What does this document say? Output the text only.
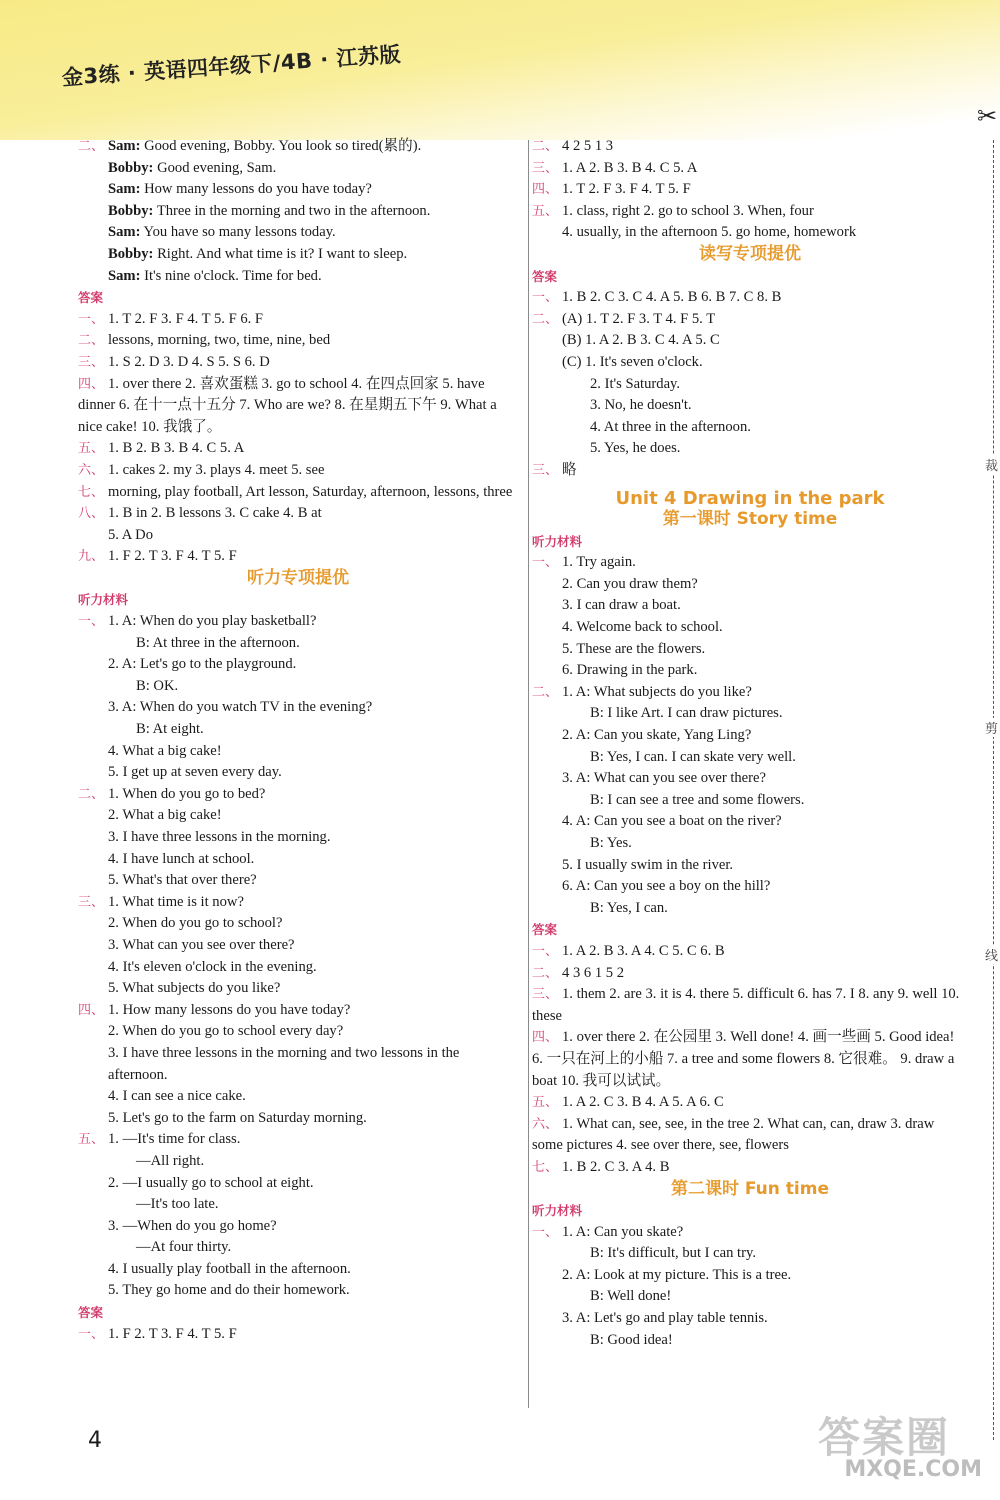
金3练 · 英语四年级下/4B · 江苏版
二、 Sam: Good evening, Bobby. You look so tired(累的).
Bobby: Good evening, Sam.
Sam: How many lessons do you have today?
Bobby: Three in the morning and two in the afternoon.
Sam: You have so many lessons today.
Bobby: Right. And what time is it? I want to sleep.
Sam: It's nine o'clock. Time for bed.
答案
一、 1. T 2. F 3. F 4. T 5. F 6. F
二、 lessons, morning, two, time, nine, bed
三、 1. S 2. D 3. D 4. S 5. S 6. D
四、 1. over there 2. 喜欢蛋糕 3. go to school 4. 在四点回家 5. have dinner 6. 在十一点十五分 7. Who are we? 8. 在星期五下午 9. What a nice cake! 10. 我饿了。
五、 1. B 2. B 3. B 4. C 5. A
六、 1. cakes 2. my 3. plays 4. meet 5. see
七、 morning, play football, Art lesson, Saturday, afternoon, lessons, three
八、 1. B in 2. B lessons 3. C cake 4. B at
5. A Do
九、 1. F 2. T 3. F 4. T 5. F
听力专项提优
听力材料
一、 1. A: When do you play basketball?
B: At three in the afternoon.
2. A: Let's go to the playground.
B: OK.
3. A: When do you watch TV in the evening?
B: At eight.
4. What a big cake!
5. I get up at seven every day.
二、 1. When do you go to bed?
2. What a big cake!
3. I have three lessons in the morning.
4. I have lunch at school.
5. What's that over there?
三、 1. What time is it now?
2. When do you go to school?
3. What can you see over there?
4. It's eleven o'clock in the evening.
5. What subjects do you like?
四、 1. How many lessons do you have today?
2. When do you go to school every day?
3. I have three lessons in the morning and two lessons in the afternoon.
4. I can see a nice cake.
5. Let's go to the farm on Saturday morning.
五、 1. —It's time for class.
—All right.
2. —I usually go to school at eight.
—It's too late.
3. —When do you go home?
—At four thirty.
4. I usually play football in the afternoon.
5. They go home and do their homework.
答案
一、 1. F 2. T 3. F 4. T 5. F
二、 4 2 5 1 3
三、 1. A 2. B 3. B 4. C 5. A
四、 1. T 2. F 3. F 4. T 5. F
五、 1. class, right 2. go to school 3. When, four
4. usually, in the afternoon 5. go home, homework
读写专项提优
答案
一、 1. B 2. C 3. C 4. A 5. B 6. B 7. C 8. B
二、 (A) 1. T 2. F 3. T 4. F 5. T
(B) 1. A 2. B 3. C 4. A 5. C
(C) 1. It's seven o'clock.
2. It's Saturday.
3. No, he doesn't.
4. At three in the afternoon.
5. Yes, he does.
三、 略
Unit 4 Drawing in the park
第一课时 Story time
听力材料
一、 1. Try again.
2. Can you draw them?
3. I can draw a boat.
4. Welcome back to school.
5. These are the flowers.
6. Drawing in the park.
二、 1. A: What subjects do you like?
B: I like Art. I can draw pictures.
2. A: Can you skate, Yang Ling?
B: Yes, I can. I can skate very well.
3. A: What can you see over there?
B: I can see a tree and some flowers.
4. A: Can you see a boat on the river?
B: Yes.
5. I usually swim in the river.
6. A: Can you see a boy on the hill?
B: Yes, I can.
答案
一、 1. A 2. B 3. A 4. C 5. C 6. B
二、 4 3 6 1 5 2
三、 1. them 2. are 3. it is 4. there 5. difficult 6. has 7. I 8. any 9. well 10. these
四、 1. over there 2. 在公园里 3. Well done! 4. 画一些画 5. Good idea! 6. 一只在河上的小船 7. a tree and some flowers 8. 它很难。 9. draw a boat 10. 我可以试试。
五、 1. A 2. C 3. B 4. A 5. A 6. C
六、 1. What can, see, see, in the tree 2. What can, can, draw 3. draw some pictures 4. see over there, see, flowers
七、 1. B 2. C 3. A 4. B
第二课时 Fun time
听力材料
一、 1. A: Can you skate?
B: It's difficult, but I can try.
2. A: Look at my picture. This is a tree.
B: Well done!
3. A: Let's go and play table tennis.
B: Good idea!
✂
裁
剪
线
4	答案圈
MXQE.COM
